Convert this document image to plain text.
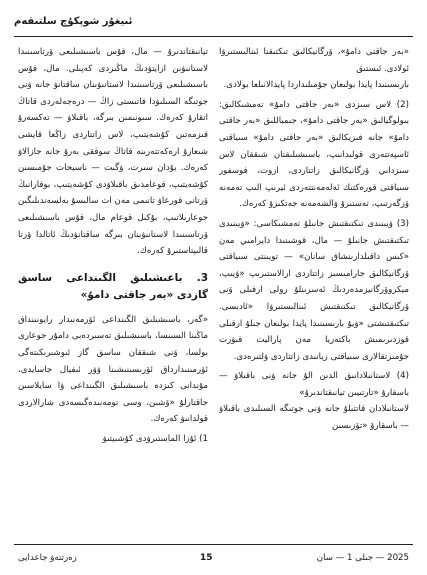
ئىيغۇر شوپكۇچ سلتىقەم

«بەر جاقتى دامۇ»، ۆرگانيكالىق تىكتىقتا ئىنالىستىرۋا ئولادى. ئىستىق

بارىسىنىدا پايدا بولىعان جۇمىلىداردا پايدالانىلعا بولادى.

(2) لاس سىزدى «بەر جاقتى دامۇ» تەمشىكالىق: بىولوگيالىق «بەر جاقتى دامۇ»، جىمباللىق «بەر جاقتى دامۇ» جانە فىزيكالىق «بەر جاقتى دامۇ» سىياقتى ئاسپەتتەرى قولىدانىپ، باسىشىلىقتان شىققان لاس سىزداىي ۆرگانيكالىق زاتتاردى، ازوت، فوسفور سىياقتى قورەكتىك ئەلەمەنتتەردى ئيرىپ الىپ تەمەنە ۆزگەرتىپ، تەستىرۇ ۋالشەمەنە جەتكىزۇ كەرەك.

(3) ۋيىنىدى تىكتىقتىش جانىلۇ تەمشىكاسى: «ۋيىنىدى تىكتىقتىش جانىلۇ — مال، قوشىنىدا دايرامىي مەن «كىس داقىلدارىنشاق سانان» — تويىنتى سىياقتى ۆرگانيكالىق جارامىسىز زاتتاردى ارالاستىرىپ «ۋيىپ، ميكروۆرگانيزمدەردىڭ ئەسرىنلۇ رولى ارقىلى ۆنى ۆرگانيكالىق تىكتىقتىش ئىنالىستىرۋا «ئادىسى. تىكتىقتىشتى «ۋيۇ بارىسىنىدا پايدا بولىعان جىلۇ ارقىلى قوزدىرىمىش باكتەريا مەن پاراليت قىۋرت جۇمىرتقالارى سىياقتى زيانىدى زاتتاردى ۋلتىرەدى.

(4) لاستانىلادانىق الدىن الۇ جانە ۋنى باقىلاۋ — باسقارۇ «تارتىيىن تيانىقتاندىرۇ»

لاستانىلادان قاتتىلۇ جانە ۋنى جوتىگە السىلىدى باقىلاۋ — باسقارۇ «تۆزىسىن

تيانىقتاندىرۇ — مال، قۇس باسىشىلىعى ۆرتاسىنىدا لاستانىۋىن ازايتۋدىڭ ماڭىزدى كەپىلى. مال، قۇس باسىشىلىعى ۆرتاسىنىدا لاستانىۋىنان ساقتانۋ جانە ۋنى جوتىگە السىلىۋدا قاتىستى زاڭ — درەجەلەردى قاتاڭ اتقارۇ كەرەك. سىونىمىن بىرگە، باقىلاۋ — تەكسەرۇ قىزمەتىن كۇشەيتىپ، لاس زاتتاردى زاڭعا قايشى شىعارۇ ارەكەتتەرىنە قاتاڭ سوققى بەرۇ جانە جازالاۋ كەرەك. بۇدان سىرت، ۋگىت — ناسيحات جۇمىسىن كۇشەيتىپ، قوعامدىق باقىلاۋدى كۇشەيتىپ، بوقارانىڭ ۆرتانى قورعاۋ تانىمى مەن ات سالىسۇ بەلسەندىلىگىن جوعارىلاتىپ، بۇكىل قوعام مال، قۇس باسىشىلىعى ۆرتاسىنىدا لاستانىۋىنان بىرگە ساقتانۋدىڭ ئاتالدا ۆرتا قالىپتاستىرۇ كەرەك.

3. باعىشىلىق الگىنداعى ساسق گازدى «بەر جاقتى دامۇ»

«گەر، باسىشىلىق الگىنداعى ئۆرمەنىدار رايونىنداق ماڭىنا السىنسا، باسىشىلىق تەسىردەبى دامۇر جوعارى بولسا، ۆنى شىققان ساسق گاز ئىوشىرىكىتەگى ئۆرمىنىدارداق ئۆرىسىنىشىنا ۋۋر ئىفيال جاسايدى، مۇندانى كىزدە باسىشىلىق الگىنداعى ۋا سايلاسىن جاقتارلۇ «ۆشىن، وسى تومەنىدەگىسەدى شارالاردى قولدانىۋ كەرەك.

1) ئۇزا الماستىرۋدى كۇشىيتىۋ

زەرتتەۋ جاعدايى	15	2025 — جىلى 1 — سان
